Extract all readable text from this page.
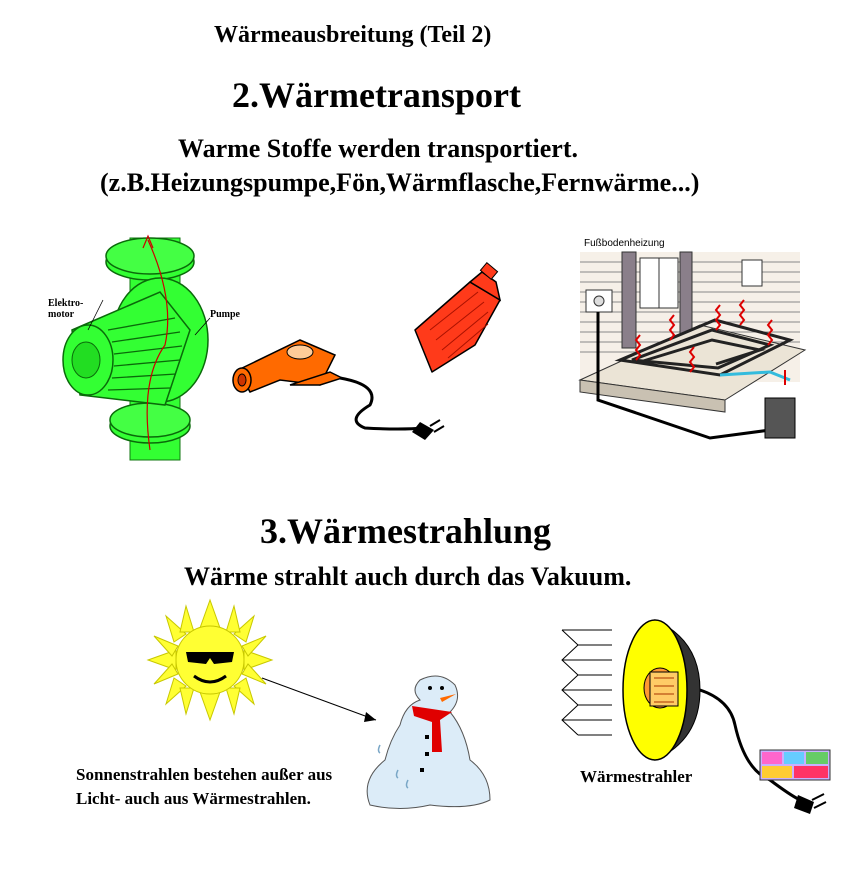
Wärmeausbreitung (Teil 2)
2.Wärmetransport
Warme Stoffe werden transportiert.
(z.B.Heizungspumpe,Fön,Wärmflasche,Fernwärme...)
Elektro-
motor	Pumpe
Fußbodenheizung
3.Wärmestrahlung
Wärme strahlt auch durch das Vakuum.
Sonnenstrahlen bestehen außer aus
Licht- auch aus Wärmestrahlen.
Wärmestrahler
